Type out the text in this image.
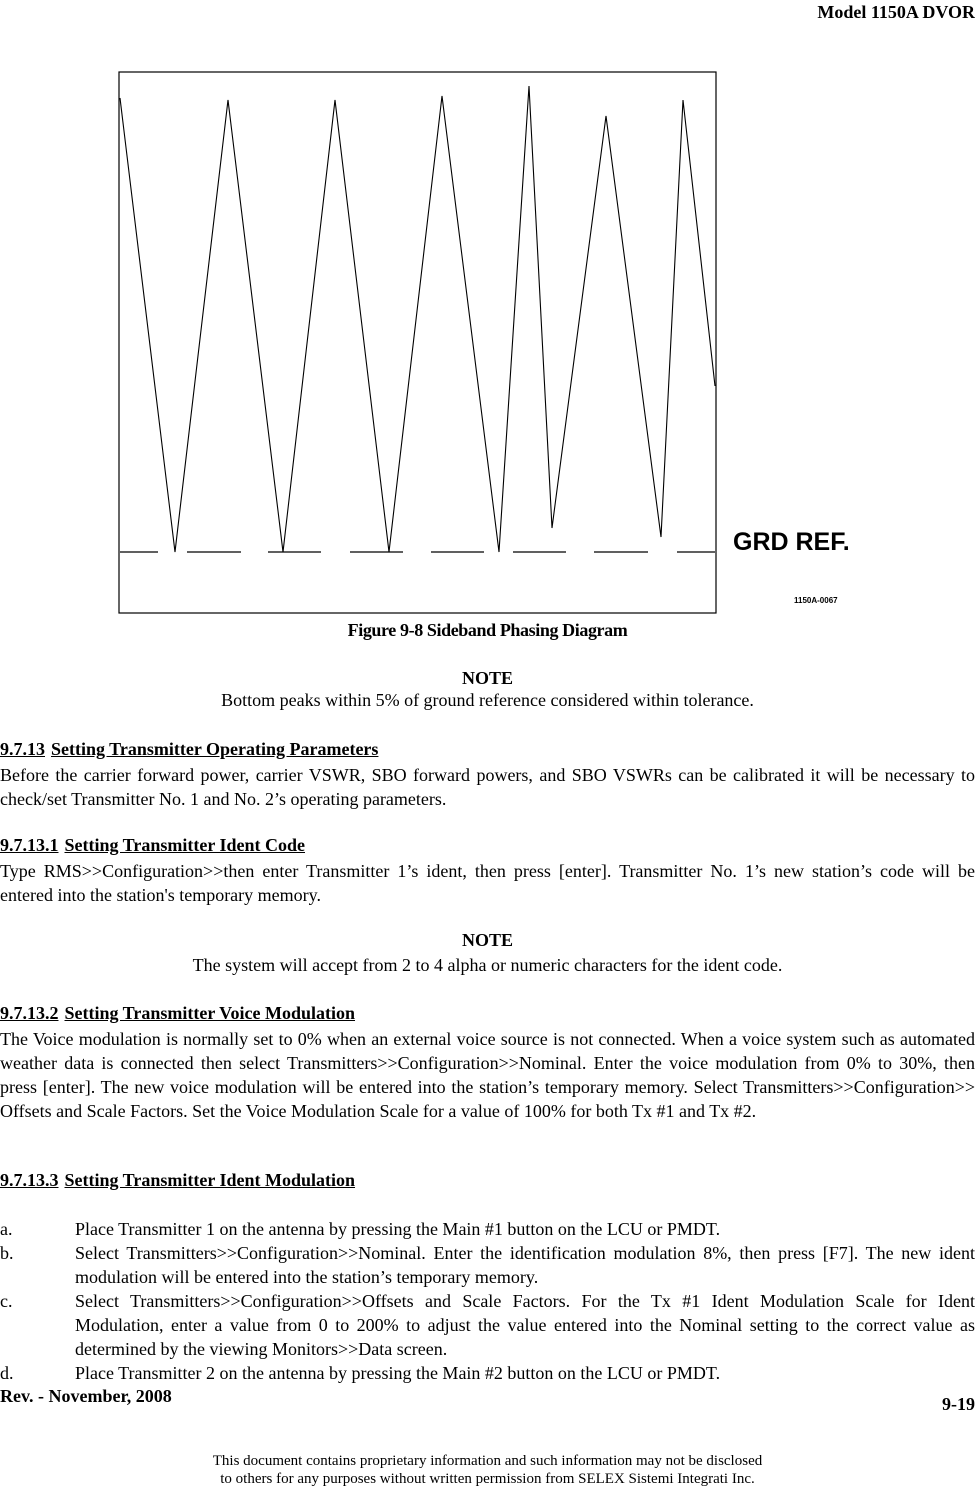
Model 1150A DVOR
GRD REF.
1150A-0067
Figure 9-8 Sideband Phasing Diagram
NOTE
Bottom peaks within 5% of ground reference considered within tolerance.
9.7.13 Setting Transmitter Operating Parameters
Before the carrier forward power, carrier VSWR, SBO forward powers, and SBO VSWRs can be calibrated it will be necessary to check/set Transmitter No. 1 and No. 2’s operating parameters.
9.7.13.1 Setting Transmitter Ident Code
Type RMS>>Configuration>>then enter Transmitter 1’s ident, then press [enter]. Transmitter No. 1’s new station’s code will be entered into the station's temporary memory.
NOTE
The system will accept from 2 to 4 alpha or numeric characters for the ident code.
9.7.13.2 Setting Transmitter Voice Modulation
The Voice modulation is normally set to 0% when an external voice source is not connected. When a voice system such as automated weather data is connected then select Transmitters>>Configuration>>Nominal. Enter the voice modulation from 0% to 30%, then press [enter]. The new voice modulation will be entered into the station’s temporary memory. Select Transmitters>>Configuration>> Offsets and Scale Factors. Set the Voice Modulation Scale for a value of 100% for both Tx #1 and Tx #2.
9.7.13.3 Setting Transmitter Ident Modulation
a.	Place Transmitter 1 on the antenna by pressing the Main #1 button on the LCU or PMDT.
b.	Select Transmitters>>Configuration>>Nominal. Enter the identification modulation 8%, then press [F7]. The new ident modulation will be entered into the station’s temporary memory.
c.	Select Transmitters>>Configuration>>Offsets and Scale Factors. For the Tx #1 Ident Modulation Scale for Ident Modulation, enter a value from 0 to 200% to adjust the value entered into the Nominal setting to the correct value as determined by the viewing Monitors>>Data screen.
d.	Place Transmitter 2 on the antenna by pressing the Main #2 button on the LCU or PMDT.
Rev. - November, 2008	9-19
This document contains proprietary information and such information may not be disclosed
to others for any purposes without written permission from SELEX Sistemi Integrati Inc.
